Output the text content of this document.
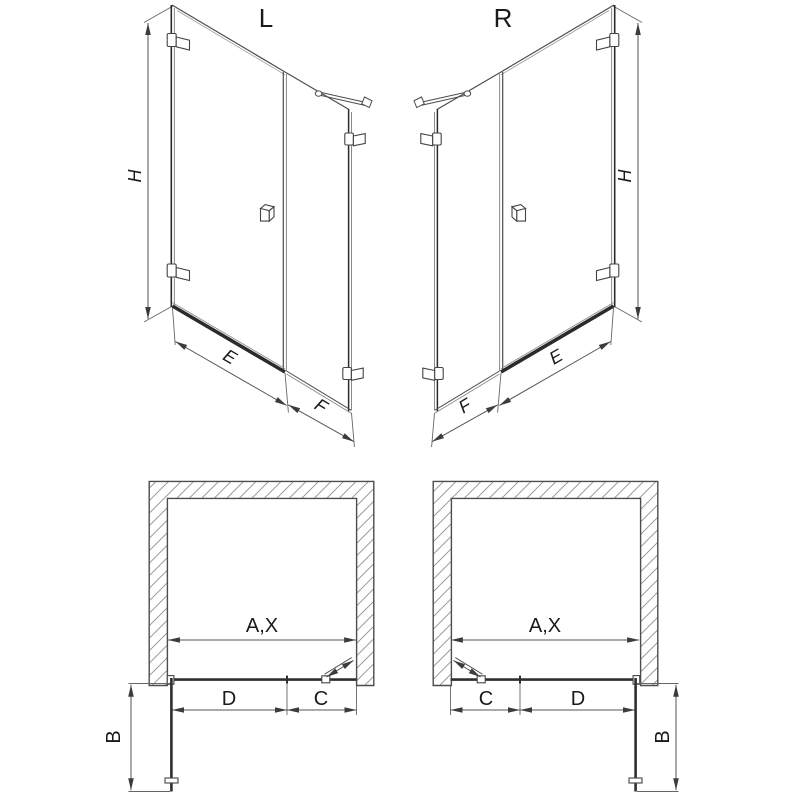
L	R
H	H
E
F
E
F
A,X	A,X
D	C	C	D
B	B
